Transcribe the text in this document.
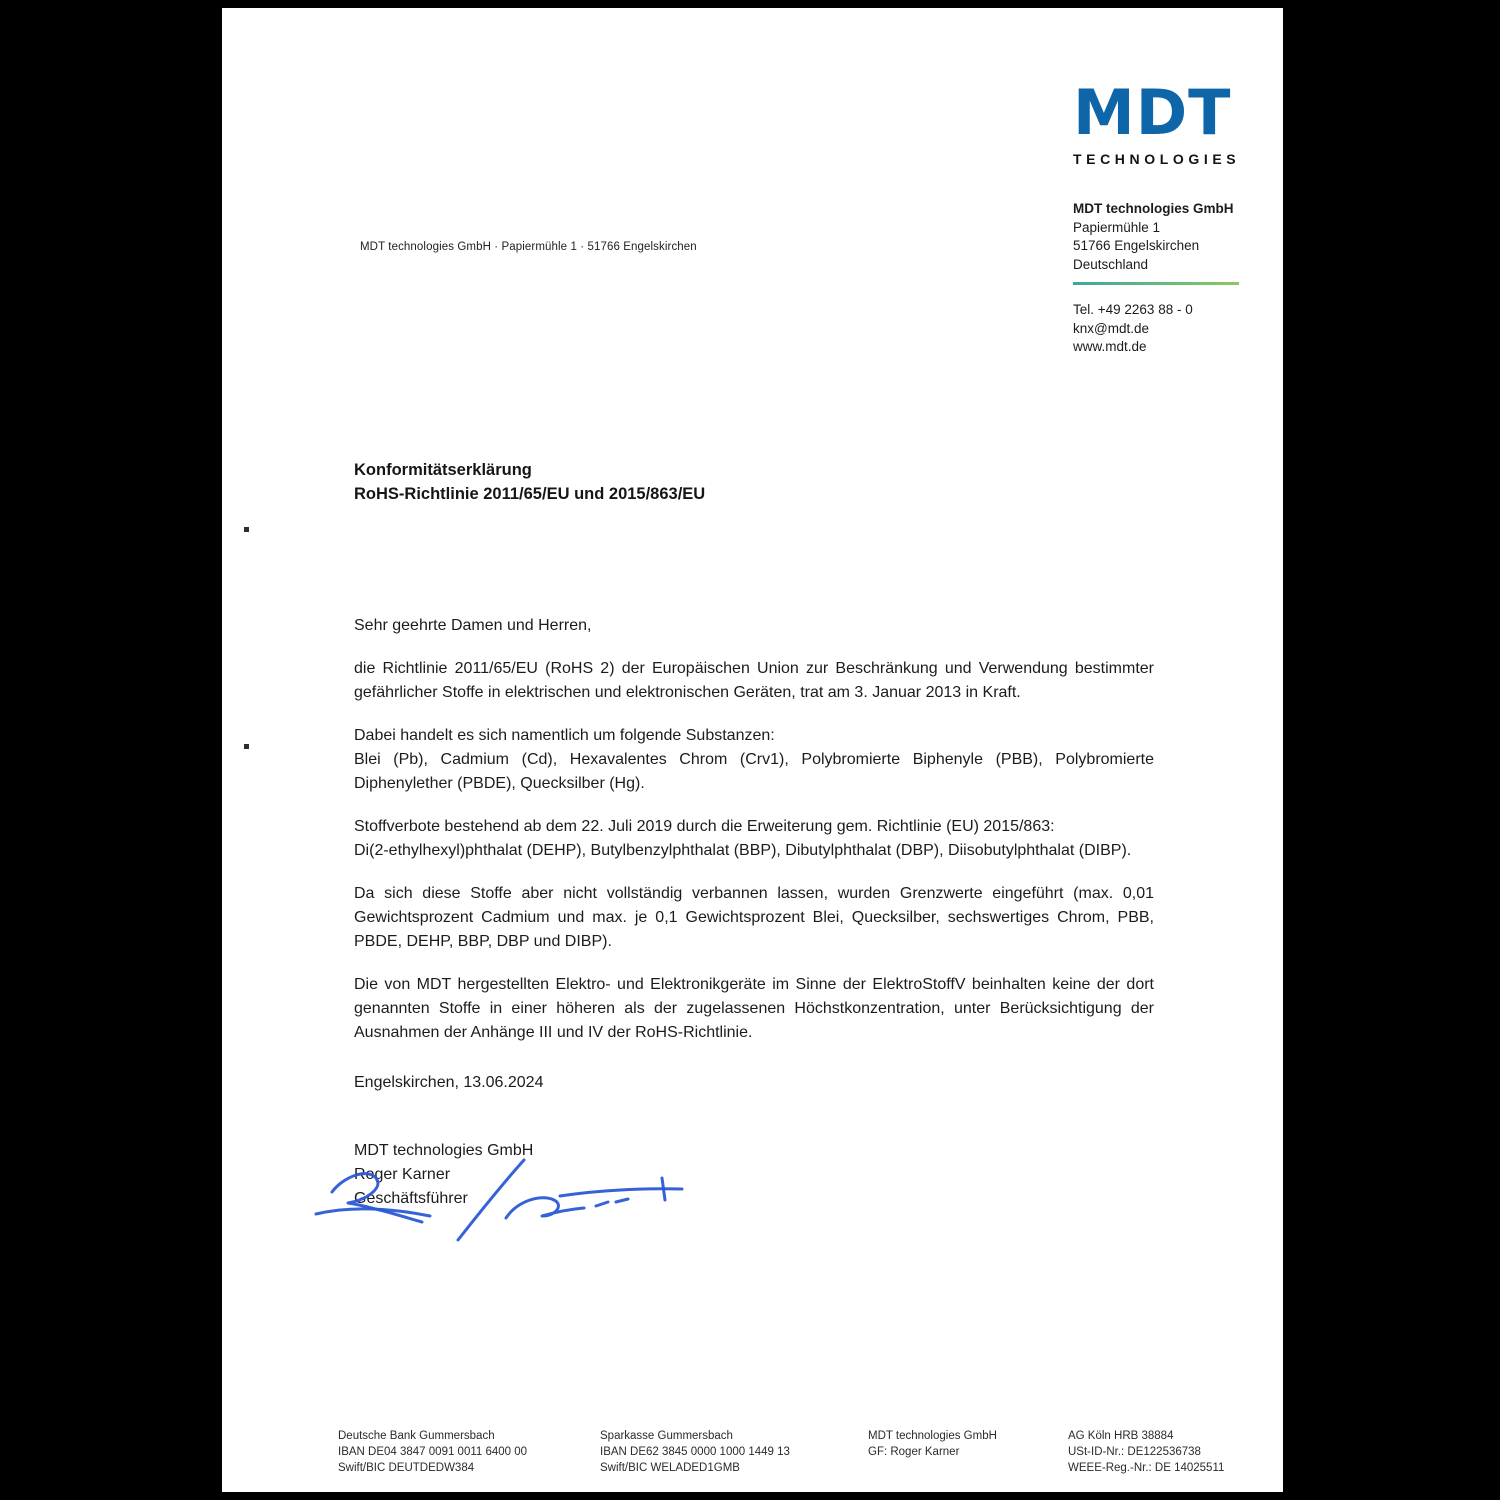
MDT technologies GmbH · Papiermühle 1 · 51766 Engelskirchen
MDT
TECHNOLOGIES
MDT technologies GmbH
Papiermühle 1
51766 Engelskirchen
Deutschland
Tel. +49 2263 88 - 0
knx@mdt.de
www.mdt.de
Konformitätserklärung
RoHS-Richtlinie 2011/65/EU und 2015/863/EU

Sehr geehrte Damen und Herren,

die Richtlinie 2011/65/EU (RoHS 2) der Europäischen Union zur Beschränkung und Verwendung bestimmter gefährlicher Stoffe in elektrischen und elektronischen Geräten, trat am 3. Januar 2013 in Kraft.

Dabei handelt es sich namentlich um folgende Substanzen:
Blei (Pb), Cadmium (Cd), Hexavalentes Chrom (Crv1), Polybromierte Biphenyle (PBB), Polybromierte Diphenylether (PBDE), Quecksilber (Hg).

Stoffverbote bestehend ab dem 22. Juli 2019 durch die Erweiterung gem. Richtlinie (EU) 2015/863:
Di(2-ethylhexyl)phthalat (DEHP), Butylbenzylphthalat (BBP), Dibutylphthalat (DBP), Diisobutylphthalat (DIBP).

Da sich diese Stoffe aber nicht vollständig verbannen lassen, wurden Grenzwerte eingeführt (max. 0,01 Gewichtsprozent Cadmium und max. je 0,1 Gewichtsprozent Blei, Quecksilber, sechswertiges Chrom, PBB, PBDE, DEHP, BBP, DBP und DIBP).

Die von MDT hergestellten Elektro- und Elektronikgeräte im Sinne der ElektroStoffV beinhalten keine der dort genannten Stoffe in einer höheren als der zugelassenen Höchstkonzentration, unter Berücksichtigung der Ausnahmen der Anhänge III und IV der RoHS-Richtlinie.

Engelskirchen, 13.06.2024

MDT technologies GmbH
Roger Karner
Geschäftsführer
Deutsche Bank Gummersbach
IBAN DE04 3847 0091 0011 6400 00
Swift/BIC DEUTDEDW384
Sparkasse Gummersbach
IBAN DE62 3845 0000 1000 1449 13
Swift/BIC WELADED1GMB
MDT technologies GmbH
GF: Roger Karner
AG Köln HRB 38884
USt-ID-Nr.: DE122536738
WEEE-Reg.-Nr.: DE 14025511
